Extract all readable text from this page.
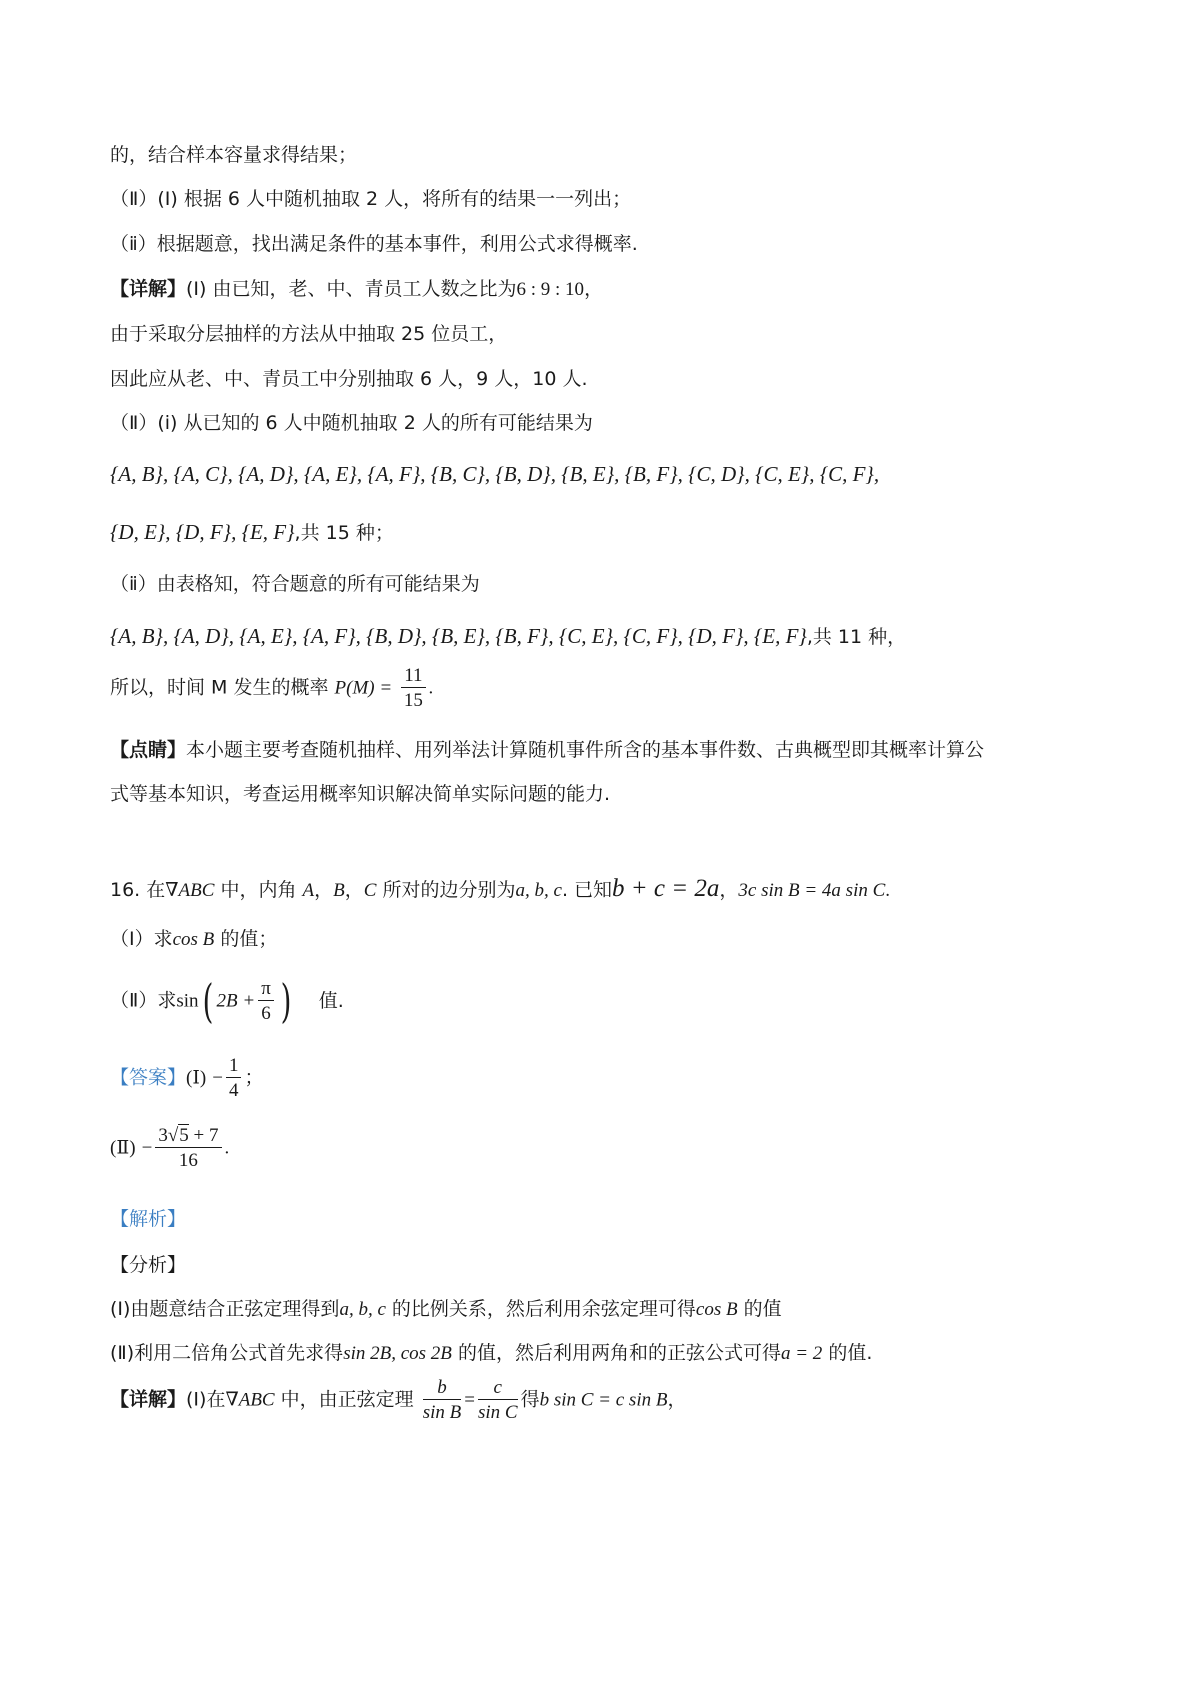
的，结合样本容量求得结果；
（Ⅱ）(Ⅰ) 根据 6 人中随机抽取 2 人，将所有的结果一一列出；
（ⅱ）根据题意，找出满足条件的基本事件，利用公式求得概率.
【详解】(Ⅰ) 由已知，老、中、青员工人数之比为6 : 9 : 10，
由于采取分层抽样的方法从中抽取 25 位员工，
因此应从老、中、青员工中分别抽取 6 人，9 人，10 人.
（Ⅱ）(ⅰ) 从已知的 6 人中随机抽取 2 人的所有可能结果为
{A, B}, {A, C}, {A, D}, {A, E}, {A, F}, {B, C}, {B, D}, {B, E}, {B, F}, {C, D}, {C, E}, {C, F},
{D, E}, {D, F}, {E, F},共 15 种；
（ⅱ）由表格知，符合题意的所有可能结果为
{A, B}, {A, D}, {A, E}, {A, F}, {B, D}, {B, E}, {B, F}, {C, E}, {C, F}, {D, F}, {E, F},共 11 种，
所以，时间 M 发生的概率 $P(M) = \frac{11}{15}$ .
【点睛】本小题主要考查随机抽样、用列举法计算随机事件所含的基本事件数、古典概型即其概率计算公
式等基本知识，考查运用概率知识解决简单实际问题的能力.
16. 在∇ABC 中，内角 A，B，C 所对的边分别为a, b, c. 已知b + c = 2a，3c sin B = 4a sin C.
（Ⅰ）求cos B 的值；
（Ⅱ）求sin( $2B + \frac{\pi}{6}$ ) 值.
【答案】(Ⅰ) − $\frac{1}{4}$ ；
(Ⅱ) − $\frac{3√5 + 7}{16}$ .
【解析】
【分析】
(Ⅰ)由题意结合正弦定理得到a, b, c 的比例关系，然后利用余弦定理可得cos B 的值
(Ⅱ)利用二倍角公式首先求得sin 2B, cos 2B 的值，然后利用两角和的正弦公式可得a = 2 的值.
【详解】(Ⅰ)在∇ABC 中，由正弦定理 $\frac{b}{\text{sin B}} = \frac{c}{\text{sin C}}$ 得b sin C = c sin B，
